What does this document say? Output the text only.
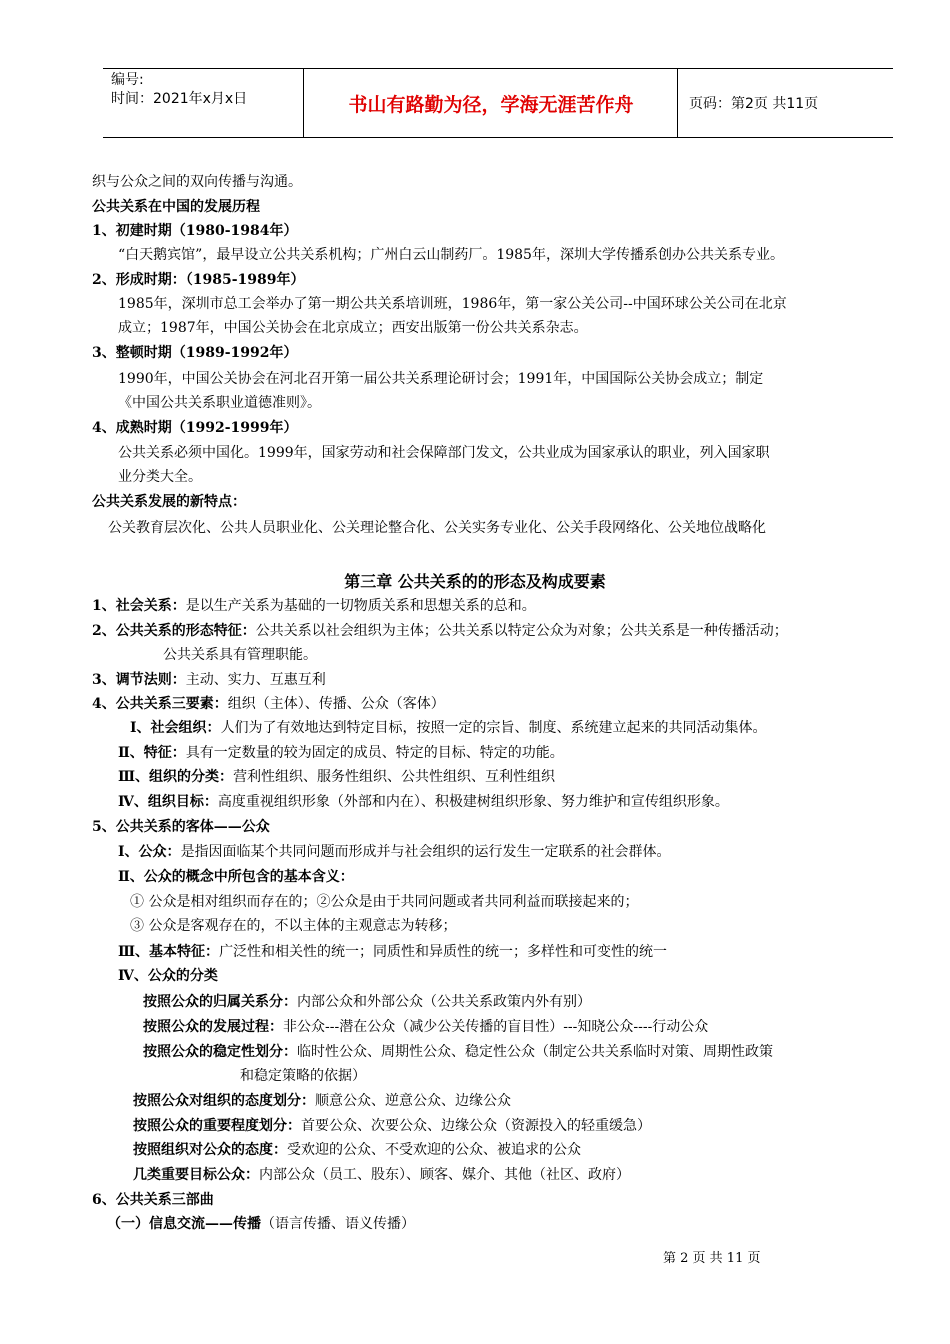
编号:
时间：2021年x月x日	书山有路勤为径，学海无涯苦作舟	页码：第2页 共11页
织与公众之间的双向传播与沟通。
公共关系在中国的发展历程
1、初建时期（1980-1984年）
“白天鹅宾馆”，最早设立公共关系机构；广州白云山制药厂。1985年，深圳大学传播系创办公共关系专业。
2、形成时期：（1985-1989年）
1985年，深圳市总工会举办了第一期公共关系培训班，1986年，第一家公关公司--中国环球公关公司在北京
成立；1987年，中国公关协会在北京成立；西安出版第一份公共关系杂志。
3、整顿时期（1989-1992年）
1990年，中国公关协会在河北召开第一届公共关系理论研讨会；1991年，中国国际公关协会成立；制定
《中国公共关系职业道德准则》。
4、成熟时期（1992-1999年）
公共关系必须中国化。1999年，国家劳动和社会保障部门发文，公共业成为国家承认的职业，列入国家职
业分类大全。
公共关系发展的新特点：
公关教育层次化、公共人员职业化、公关理论整合化、公关实务专业化、公关手段网络化、公关地位战略化
1、社会关系：是以生产关系为基础的一切物质关系和思想关系的总和。
2、公共关系的形态特征：公共关系以社会组织为主体；公共关系以特定公众为对象；公共关系是一种传播活动；
公共关系具有管理职能。
3、调节法则：主动、实力、互惠互利
4、公共关系三要素：组织（主体）、传播、公众（客体）
Ⅰ、社会组织：人们为了有效地达到特定目标，按照一定的宗旨、制度、系统建立起来的共同活动集体。
Ⅱ、特征：具有一定数量的较为固定的成员、特定的目标、特定的功能。
Ⅲ、组织的分类：营利性组织、服务性组织、公共性组织、互利性组织
Ⅳ、组织目标：高度重视组织形象（外部和内在）、积极建树组织形象、努力维护和宣传组织形象。
5、公共关系的客体——公众
Ⅰ、公众：是指因面临某个共同问题而形成并与社会组织的运行发生一定联系的社会群体。
Ⅱ、公众的概念中所包含的基本含义：
① 公众是相对组织而存在的；②公众是由于共同问题或者共同利益而联接起来的；
③ 公众是客观存在的，不以主体的主观意志为转移；
Ⅲ、基本特征：广泛性和相关性的统一；同质性和异质性的统一；多样性和可变性的统一
Ⅳ、公众的分类
按照公众的归属关系分：内部公众和外部公众（公共关系政策内外有别）
按照公众的发展过程：非公众---潜在公众（减少公关传播的盲目性）---知晓公众----行动公众
按照公众的稳定性划分：临时性公众、周期性公众、稳定性公众（制定公共关系临时对策、周期性政策
和稳定策略的依据）
按照公众对组织的态度划分：顺意公众、逆意公众、边缘公众
按照公众的重要程度划分：首要公众、次要公众、边缘公众（资源投入的轻重缓急）
按照组织对公众的态度：受欢迎的公众、不受欢迎的公众、被追求的公众
几类重要目标公众：内部公众（员工、股东）、顾客、媒介、其他（社区、政府）
6、公共关系三部曲
（一）信息交流——传播（语言传播、语义传播）
第三章 公共关系的的形态及构成要素
第 2 页 共 11 页
